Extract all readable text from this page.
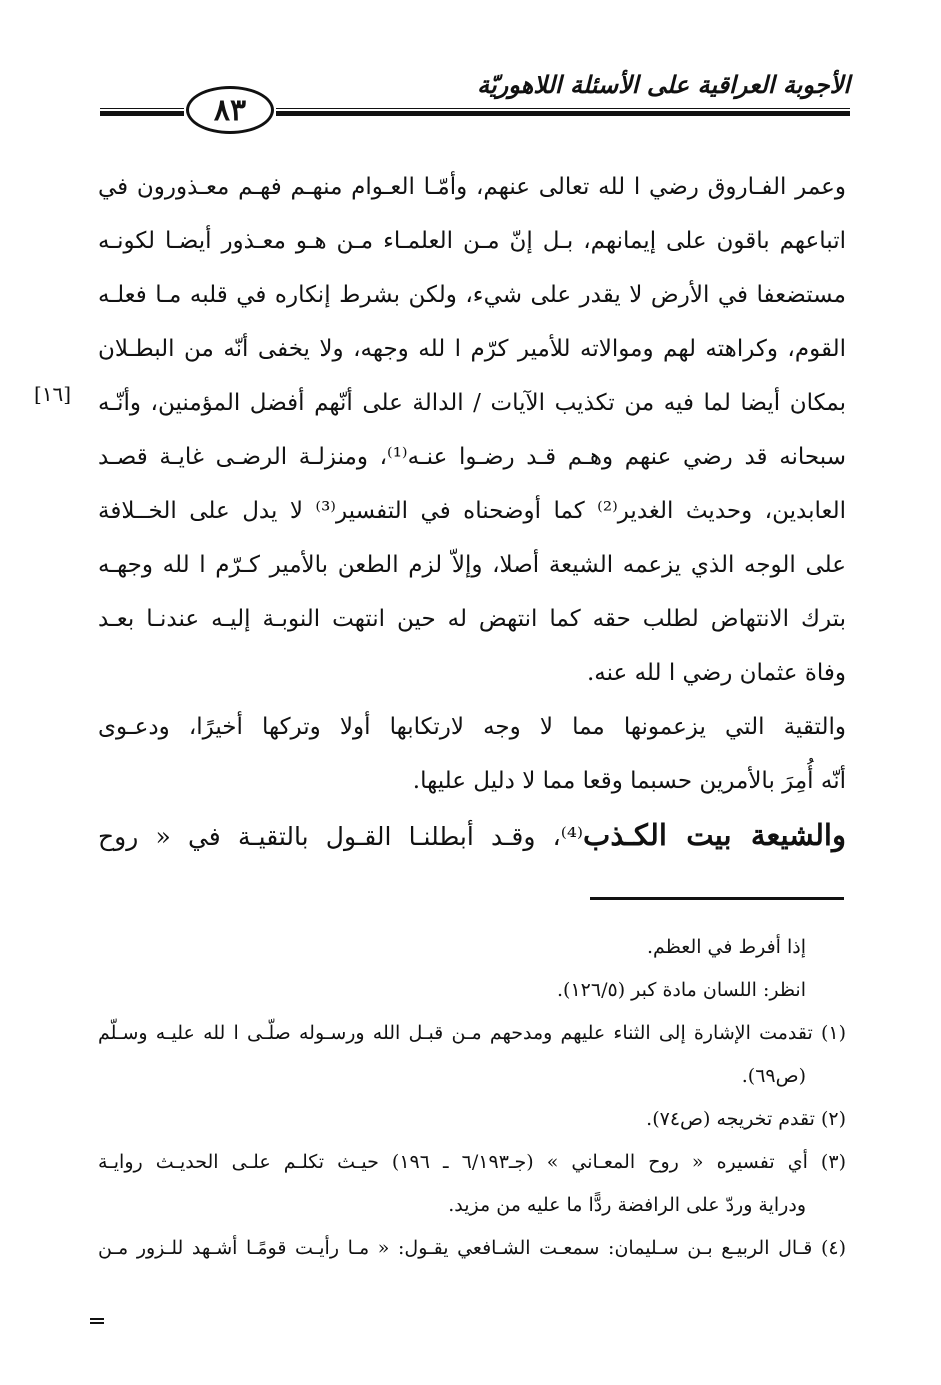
الأجوبة العراقية على الأسئلة اللاهوريّة
٨٣
[١٦]
وعمر الفـاروق رضي ا لله تعالى عنهم، وأمّـا العـوام منهـم فهـم معـذورون في
اتباعهم باقون على إيمانهم، بـل إنّ مـن العلمـاء مـن هـو معـذور أيضـا لكونـه
مستضعفا في الأرض لا يقدر على شيء، ولكن بشرط إنكاره في قلبه مـا فعلـه
القوم، وكراهته لهم وموالاته للأمير كرّم ا لله وجهه، ولا يخفى أنّه من البطـلان
بمكان أيضا لما فيه من تكذيب الآيات / الدالة على أنّهم أفضل المؤمنين، وأنّـه
سبحانه قد رضي عنهم وهـم قـد رضـوا عنـه⁽¹⁾، ومنزلـة الرضـى غايـة قصـد
العابدين، وحديث الغدير⁽²⁾ كما أوضحناه في التفسير⁽³⁾ لا يدل على الخــلافة
على الوجه الذي يزعمه الشيعة أصلا، وإلاّ لزم الطعن بالأمير كـرّم ا لله وجهـه
بترك الانتهاض لطلب حقه كما انتهض له حين انتهت النوبـة إليـه عندنـا بعـد
وفاة عثمان رضي ا لله عنه.
والتقية التي يزعمونها مما لا وجه لارتكابها أولا وتركها أخيرًا، ودعـوى
أنّه أُمِرَ بالأمرين حسبما وقعا مما لا دليل عليها.
والشيعة بيت الكـذب⁽⁴⁾، وقـد أبطلنـا القـول بالتقيـة في « روح
إذا أفرط في العظم.
انظر: اللسان مادة كبر (١٢٦/٥).
(١) تقدمت الإشارة إلى الثناء عليهم ومدحهم مـن قبـل الله ورسـوله صلّـى ا لله عليـه وسـلّم
(ص٦٩).
(٢) تقدم تخريجه (ص٧٤).
(٣) أي تفسيره « روح المعـاني » (جـ٦/١٩٣ ـ ١٩٦) حيـث تكلـم علـى الحديـث روايـة
ودراية وردّ على الرافضة ردًّا ما عليه من مزيد.
(٤) قـال الربيـع بـن سـليمان: سمعـت الشـافعي يقـول: « مـا رأيـت قومًـا أشـهد للـزور مـن
